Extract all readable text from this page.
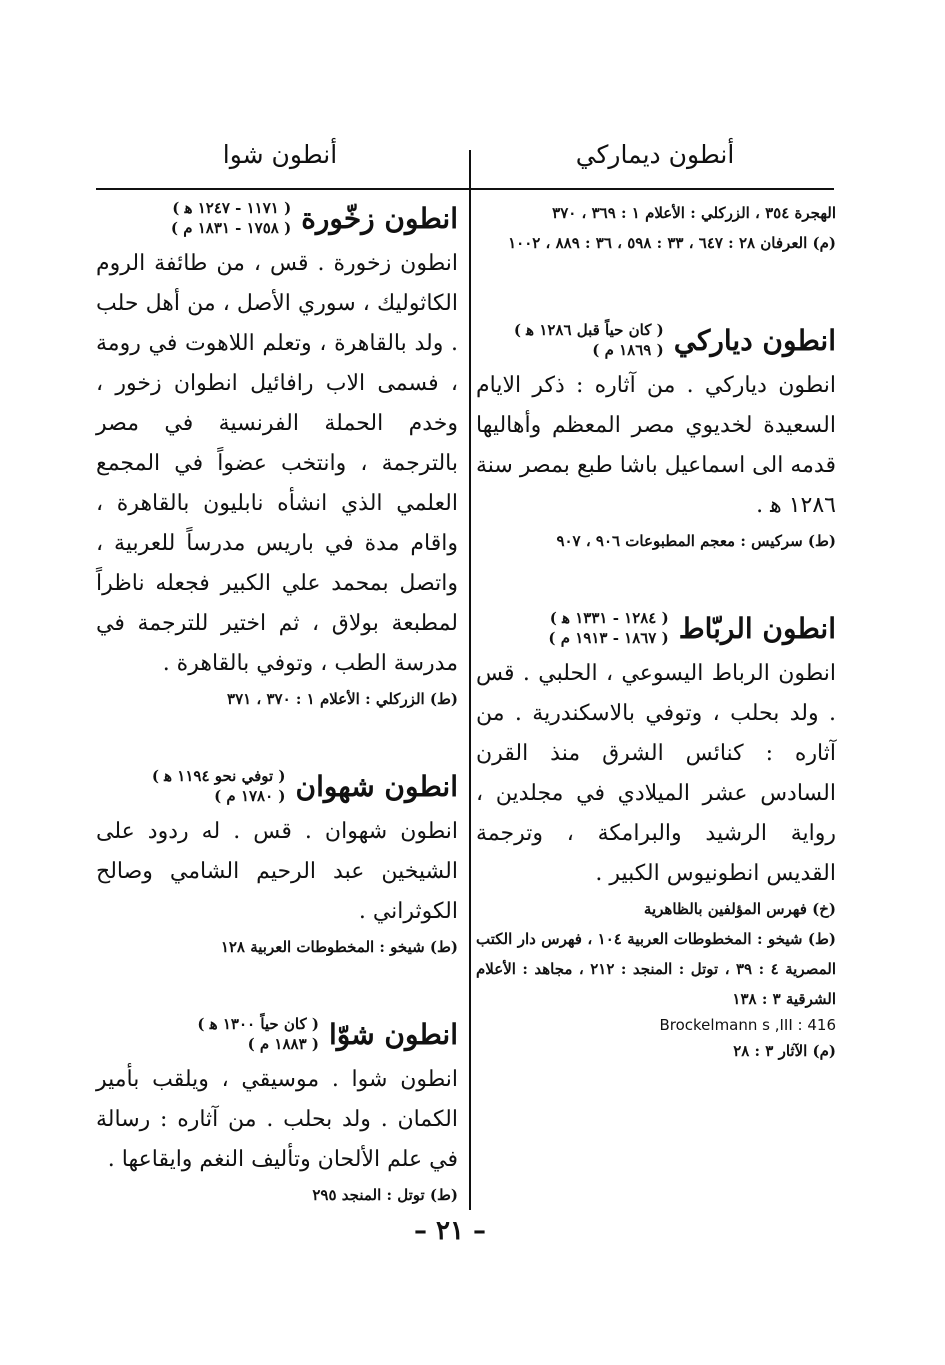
أنطون ديماركي
أنطون شوا

الهجرة ٣٥٤ ، الزركلي : الأعلام ١ : ٣٦٩ ، ٣٧٠

(م) العرفان ٢٨ : ٦٤٧ ، ٣٣ : ٥٩٨ ، ٣٦ : ٨٨٩ ، ١٠٠٢

انطون دياركي
( كان حياً قبل ١٢٨٦ ﻫ )
( ١٨٦٩ م )

انطون دياركي . من آثاره : ذكر الايام السعيدة لخديوي مصر المعظم وأهاليها قدمه الى اسماعيل باشا طبع بمصر سنة ١٢٨٦ ﻫ .

(ط) سركيس : معجم المطبوعات ٩٠٦ ، ٩٠٧

انطون الربّاط
( ١٢٨٤ - ١٣٣١ ﻫ )
( ١٨٦٧ - ١٩١٣ م )

انطون الرباط اليسوعي ، الحلبي . قس . ولد بحلب ، وتوفي بالاسكندرية . من آثاره : كنائس الشرق منذ القرن السادس عشر الميلادي في مجلدين ، رواية الرشيد والبرامكة ، وترجمة القديس انطونيوس الكبير .

(خ) فهرس المؤلفين بالظاهرية

(ط) شيخو : المخطوطات العربية ١٠٤ ، فهرس دار الكتب المصرية ٤ : ٣٩ ، توتل : المنجد : ٢١٢ ، مجاهد : الأعلام الشرقية ٣ : ١٣٨

Brockelmann s ,III : 416

(م) الآثار ٣ : ٢٨

انطون زخّورة
( ١١٧١ - ١٢٤٧ ﻫ )
( ١٧٥٨ - ١٨٣١ م )

انطون زخورة . قس ، من طائفة الروم الكاثوليك ، سوري الأصل ، من أهل حلب . ولد بالقاهرة ، وتعلم اللاهوت في رومة ، فسمى الاب رافائيل انطوان زخور ، وخدم الحملة الفرنسية في مصر بالترجمة ، وانتخب عضواً في المجمع العلمي الذي انشأه نابليون بالقاهرة ، واقام مدة في باريس مدرساً للعربية ، واتصل بمحمد علي الكبير فجعله ناظراً لمطبعة بولاق ، ثم اختير للترجمة في مدرسة الطب ، وتوفي بالقاهرة .

(ط) الزركلي : الأعلام ١ : ٣٧٠ ، ٣٧١

انطون شهوان
( توفي نحو ١١٩٤ ﻫ )
( ١٧٨٠ م )

انطون شهوان . قس . له ردود على الشيخين عبد الرحيم الشامي وصالح الكوثراني .

(ط) شيخو : المخطوطات العربية ١٢٨

انطون شوّا
( كان حياً ١٣٠٠ ﻫ )
( ١٨٨٣ م )

انطون شوا . موسيقي ، ويلقب بأمير الكمان . ولد بحلب . من آثاره : رسالة في علم الألحان وتأليف النغم وايقاعها .

(ط) توتل : المنجد ٢٩٥

– ٢١ –
